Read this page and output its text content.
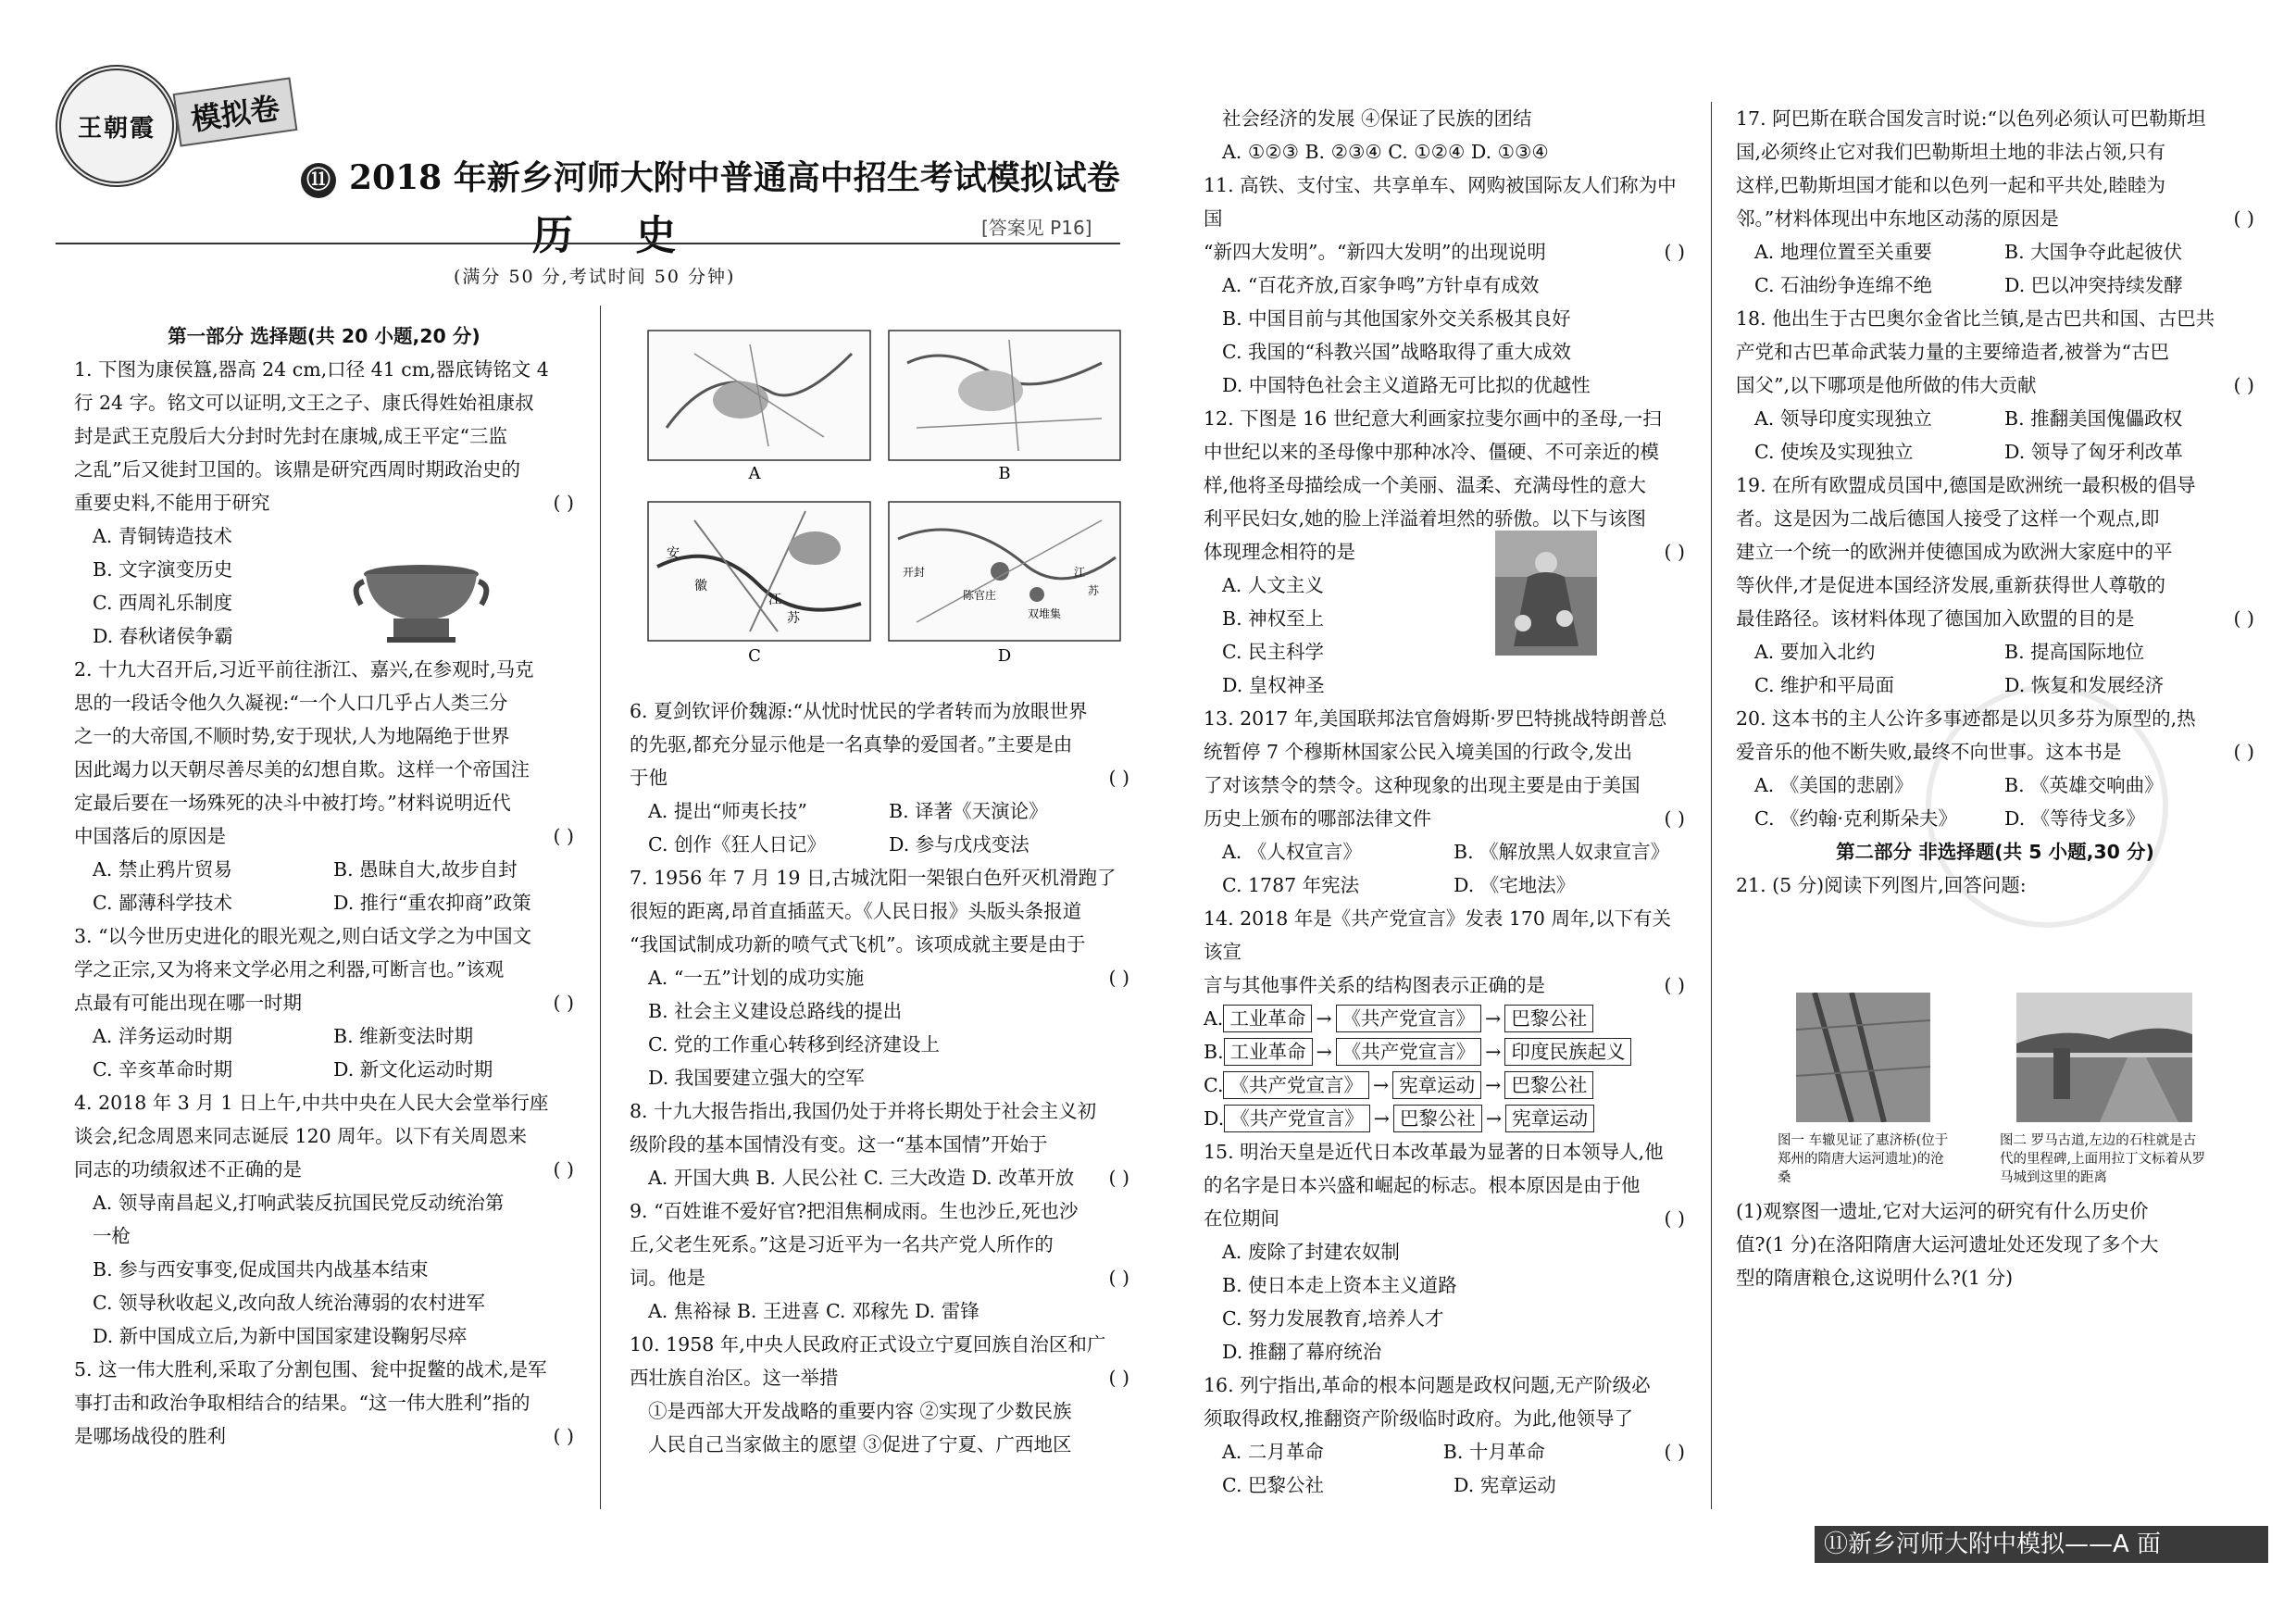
王朝霞	模拟卷
⑪ 2018 年新乡河师大附中普通高中招生考试模拟试卷
历 史	[答案见 P16]
(满分 50 分,考试时间 50 分钟)

第一部分 选择题(共 20 小题,20 分)

1. 下图为康侯簋,器高 24 cm,口径 41 cm,器底铸铭文 4

行 24 字。铭文可以证明,文王之子、康氏得姓始祖康叔

封是武王克殷后大分封时先封在康城,成王平定“三监

之乱”后又徙封卫国的。该鼎是研究西周时期政治史的

重要史料,不能用于研究	( )

A. 青铜铸造技术

B. 文字演变历史

C. 西周礼乐制度

D. 春秋诸侯争霸

2. 十九大召开后,习近平前往浙江、嘉兴,在参观时,马克

思的一段话令他久久凝视:“一个人口几乎占人类三分

之一的大帝国,不顺时势,安于现状,人为地隔绝于世界

因此竭力以天朝尽善尽美的幻想自欺。这样一个帝国注

定最后要在一场殊死的决斗中被打垮。”材料说明近代

中国落后的原因是	( )

A. 禁止鸦片贸易	B. 愚昧自大,故步自封
C. 鄙薄科学技术	D. 推行“重农抑商”政策

3. “以今世历史进化的眼光观之,则白话文学之为中国文

学之正宗,又为将来文学必用之利器,可断言也。”该观

点最有可能出现在哪一时期	( )

A. 洋务运动时期	B. 维新变法时期
C. 辛亥革命时期	D. 新文化运动时期

4. 2018 年 3 月 1 日上午,中共中央在人民大会堂举行座

谈会,纪念周恩来同志诞辰 120 周年。以下有关周恩来

同志的功绩叙述不正确的是	( )

A. 领导南昌起义,打响武装反抗国民党反动统治第

一枪

B. 参与西安事变,促成国共内战基本结束

C. 领导秋收起义,改向敌人统治薄弱的农村进军

D. 新中国成立后,为新中国国家建设鞠躬尽瘁

5. 这一伟大胜利,采取了分割包围、瓮中捉鳖的战术,是军

事打击和政治争取相结合的结果。“这一伟大胜利”指的

是哪场战役的胜利	( )

6. 夏剑钦评价魏源:“从忧时忧民的学者转而为放眼世界

的先驱,都充分显示他是一名真挚的爱国者。”主要是由

于他	( )

A. 提出“师夷长技”	B. 译著《天演论》
C. 创作《狂人日记》	D. 参与戊戌变法

7. 1956 年 7 月 19 日,古城沈阳一架银白色歼灭机滑跑了

很短的距离,昂首直插蓝天。《人民日报》头版头条报道

“我国试制成功新的喷气式飞机”。该项成就主要是由于

( )

A. “一五”计划的成功实施

B. 社会主义建设总路线的提出

C. 党的工作重心转移到经济建设上

D. 我国要建立强大的空军

8. 十九大报告指出,我国仍处于并将长期处于社会主义初

级阶段的基本国情没有变。这一“基本国情”开始于

( )

A. 开国大典 B. 人民公社 C. 三大改造 D. 改革开放

9. “百姓谁不爱好官?把泪焦桐成雨。生也沙丘,死也沙

丘,父老生死系。”这是习近平为一名共产党人所作的

词。他是	( )

A. 焦裕禄 B. 王进喜 C. 邓稼先 D. 雷锋

10. 1958 年,中央人民政府正式设立宁夏回族自治区和广

西壮族自治区。这一举措	( )

①是西部大开发战略的重要内容 ②实现了少数民族

人民自己当家做主的愿望 ③促进了宁夏、广西地区

社会经济的发展 ④保证了民族的团结

A. ①②③ B. ②③④ C. ①②④ D. ①③④

11. 高铁、支付宝、共享单车、网购被国际友人们称为中国

“新四大发明”。“新四大发明”的出现说明	( )

A. “百花齐放,百家争鸣”方针卓有成效

B. 中国目前与其他国家外交关系极其良好

C. 我国的“科教兴国”战略取得了重大成效

D. 中国特色社会主义道路无可比拟的优越性

12. 下图是 16 世纪意大利画家拉斐尔画中的圣母,一扫

中世纪以来的圣母像中那种冰冷、僵硬、不可亲近的模

样,他将圣母描绘成一个美丽、温柔、充满母性的意大

利平民妇女,她的脸上洋溢着坦然的骄傲。以下与该图

体现理念相符的是	( )

A. 人文主义

B. 神权至上

C. 民主科学

D. 皇权神圣

13. 2017 年,美国联邦法官詹姆斯·罗巴特挑战特朗普总

统暂停 7 个穆斯林国家公民入境美国的行政令,发出

了对该禁令的禁令。这种现象的出现主要是由于美国

历史上颁布的哪部法律文件	( )

A. 《人权宣言》	B. 《解放黑人奴隶宣言》
C. 1787 年宪法	D. 《宅地法》

14. 2018 年是《共产党宣言》发表 170 周年,以下有关该宣

言与其他事件关系的结构图表示正确的是	( )

A. 工业革命 → 《共产党宣言》 → 巴黎公社
B. 工业革命 → 《共产党宣言》 → 印度民族起义
C. 《共产党宣言》 → 宪章运动 → 巴黎公社
D. 《共产党宣言》 → 巴黎公社 → 宪章运动

15. 明治天皇是近代日本改革最为显著的日本领导人,他

的名字是日本兴盛和崛起的标志。根本原因是由于他

在位期间	( )

A. 废除了封建农奴制

B. 使日本走上资本主义道路

C. 努力发展教育,培养人才

D. 推翻了幕府统治

16. 列宁指出,革命的根本问题是政权问题,无产阶级必

须取得政权,推翻资产阶级临时政府。为此,他领导了

( )

A. 二月革命	B. 十月革命
C. 巴黎公社	D. 宪章运动

17. 阿巴斯在联合国发言时说:“以色列必须认可巴勒斯坦

国,必须终止它对我们巴勒斯坦土地的非法占领,只有

这样,巴勒斯坦国才能和以色列一起和平共处,睦睦为

邻。”材料体现出中东地区动荡的原因是	( )

A. 地理位置至关重要	B. 大国争夺此起彼伏
C. 石油纷争连绵不绝	D. 巴以冲突持续发酵

18. 他出生于古巴奥尔金省比兰镇,是古巴共和国、古巴共

产党和古巴革命武装力量的主要缔造者,被誉为“古巴

国父”,以下哪项是他所做的伟大贡献	( )

A. 领导印度实现独立	B. 推翻美国傀儡政权
C. 使埃及实现独立	D. 领导了匈牙利改革

19. 在所有欧盟成员国中,德国是欧洲统一最积极的倡导

者。这是因为二战后德国人接受了这样一个观点,即

建立一个统一的欧洲并使德国成为欧洲大家庭中的平

等伙伴,才是促进本国经济发展,重新获得世人尊敬的

最佳路径。该材料体现了德国加入欧盟的目的是	( )

A. 要加入北约	B. 提高国际地位
C. 维护和平局面	D. 恢复和发展经济

20. 这本书的主人公许多事迹都是以贝多芬为原型的,热

爱音乐的他不断失败,最终不向世事。这本书是	( )

A. 《美国的悲剧》	B. 《英雄交响曲》
C. 《约翰·克利斯朵夫》	D. 《等待戈多》

第二部分 非选择题(共 5 小题,30 分)

21. (5 分)阅读下列图片,回答问题:

A	B
安
徽
江
苏
C
开封
陈官庄
双堆集
江
苏
D
图一 车辙见证了惠济桥(位于郑州的隋唐大运河遗址)的沧桑
图二 罗马古道,左边的石柱就是古代的里程碑,上面用拉丁文标着从罗马城到这里的距离

(1)观察图一遗址,它对大运河的研究有什么历史价

值?(1 分)在洛阳隋唐大运河遗址处还发现了多个大

型的隋唐粮仓,这说明什么?(1 分)

⑪新乡河师大附中模拟——A 面
